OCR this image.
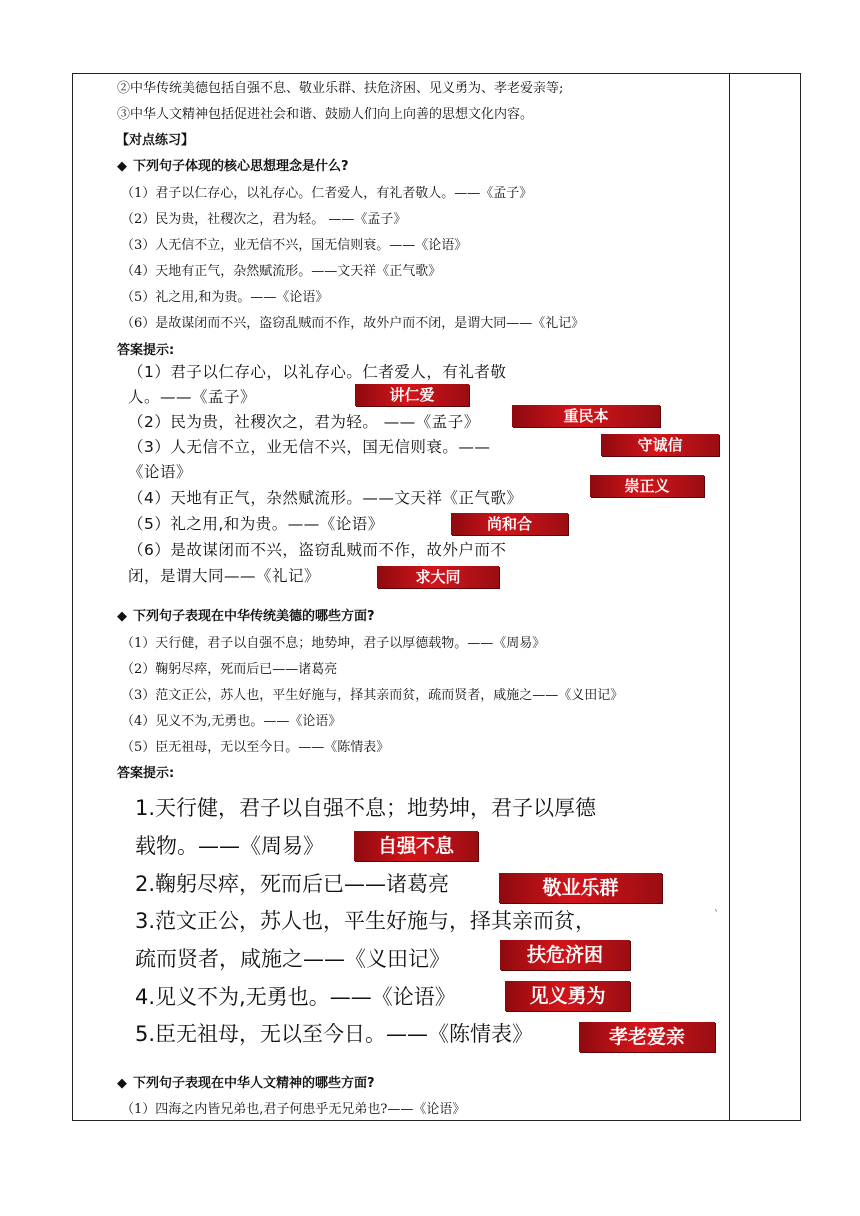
②中华传统美德包括自强不息、敬业乐群、扶危济困、见义勇为、孝老爱亲等;
③中华人文精神包括促进社会和谐、鼓励人们向上向善的思想文化内容。
【对点练习】
◆ 下列句子体现的核心思想理念是什么?
（1）君子以仁存心，以礼存心。仁者爱人，有礼者敬人。——《孟子》
（2）民为贵，社稷次之，君为轻。 ——《孟子》
（3）人无信不立，业无信不兴，国无信则衰。——《论语》
（4）天地有正气，杂然赋流形。——文天祥《正气歌》
（5）礼之用,和为贵。——《论语》
（6）是故谋闭而不兴，盗窃乱贼而不作，故外户而不闭，是谓大同——《礼记》
答案提示:
（1）君子以仁存心，以礼存心。仁者爱人，有礼者敬
人。——《孟子》
（2）民为贵，社稷次之，君为轻。 ——《孟子》
（3）人无信不立，业无信不兴，国无信则衰。——
《论语》
（4）天地有正气，杂然赋流形。——文天祥《正气歌》
（5）礼之用,和为贵。——《论语》
（6）是故谋闭而不兴，盗窃乱贼而不作，故外户而不
闭，是谓大同——《礼记》
讲仁爱
重民本
守诚信
崇正义
尚和合
求大同
◆ 下列句子表现在中华传统美德的哪些方面?
（1）天行健，君子以自强不息；地势坤，君子以厚德载物。——《周易》
（2）鞠躬尽瘁，死而后已——诸葛亮
（3）范文正公，苏人也，平生好施与，择其亲而贫，疏而贤者，咸施之——《义田记》
（4）见义不为,无勇也。——《论语》
（5）臣无祖母，无以至今日。——《陈情表》
答案提示:
1.天行健，君子以自强不息；地势坤，君子以厚德
载物。——《周易》
2.鞠躬尽瘁，死而后已——诸葛亮
3.范文正公，苏人也，平生好施与，择其亲而贫，
疏而贤者，咸施之——《义田记》
4.见义不为,无勇也。——《论语》
5.臣无祖母，无以至今日。——《陈情表》
自强不息
敬业乐群
扶危济困
见义勇为
孝老爱亲
`
◆ 下列句子表现在中华人文精神的哪些方面?
（1）四海之内皆兄弟也,君子何患乎无兄弟也?——《论语》
